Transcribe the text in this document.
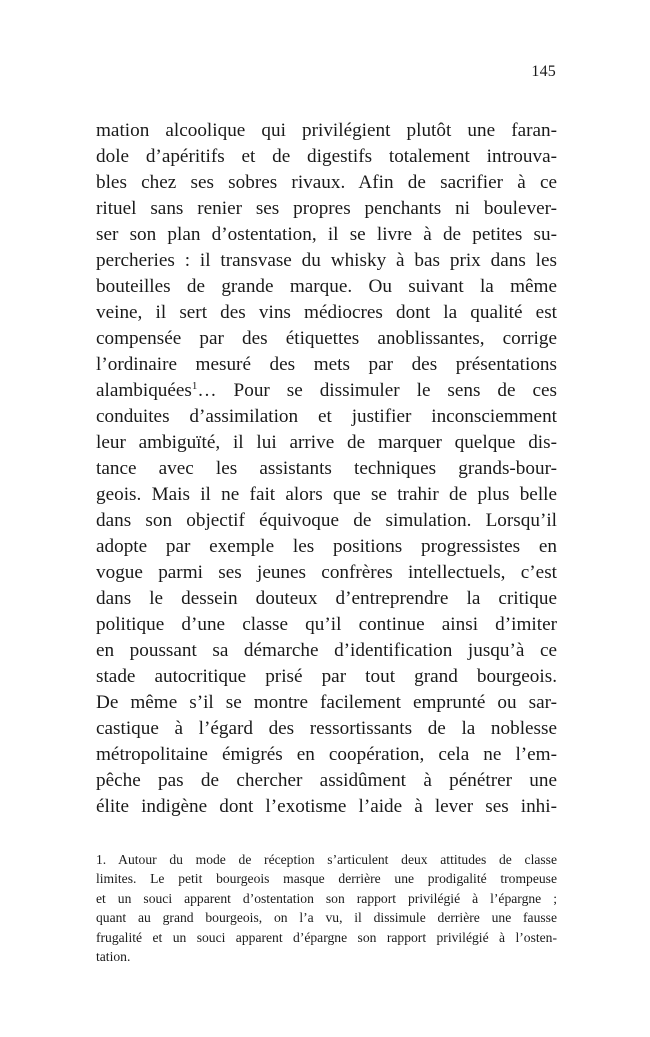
145
mation alcoolique qui privilégient plutôt une faran-
dole d’apéritifs et de digestifs totalement introuva-
bles chez ses sobres rivaux. Afin de sacrifier à ce
rituel sans renier ses propres penchants ni boulever-
ser son plan d’ostentation, il se livre à de petites su-
percheries : il transvase du whisky à bas prix dans les
bouteilles de grande marque. Ou suivant la même
veine, il sert des vins médiocres dont la qualité est
compensée par des étiquettes anoblissantes, corrige
l’ordinaire mesuré des mets par des présentations
alambiquées$^1$… Pour se dissimuler le sens de ces
conduites d’assimilation et justifier inconsciemment
leur ambiguïté, il lui arrive de marquer quelque dis-
tance avec les assistants techniques grands-bour-
geois. Mais il ne fait alors que se trahir de plus belle
dans son objectif équivoque de simulation. Lorsqu’il
adopte par exemple les positions progressistes en
vogue parmi ses jeunes confrères intellectuels, c’est
dans le dessein douteux d’entreprendre la critique
politique d’une classe qu’il continue ainsi d’imiter
en poussant sa démarche d’identification jusqu’à ce
stade autocritique prisé par tout grand bourgeois.
De même s’il se montre facilement emprunté ou sar-
castique à l’égard des ressortissants de la noblesse
métropolitaine émigrés en coopération, cela ne l’em-
pêche pas de chercher assidûment à pénétrer une
élite indigène dont l’exotisme l’aide à lever ses inhi-
1. Autour du mode de réception s’articulent deux attitudes de classe
limites. Le petit bourgeois masque derrière une prodigalité trompeuse
et un souci apparent d’ostentation son rapport privilégié à l’épargne ;
quant au grand bourgeois, on l’a vu, il dissimule derrière une fausse
frugalité et un souci apparent d’épargne son rapport privilégié à l’osten-
tation.
